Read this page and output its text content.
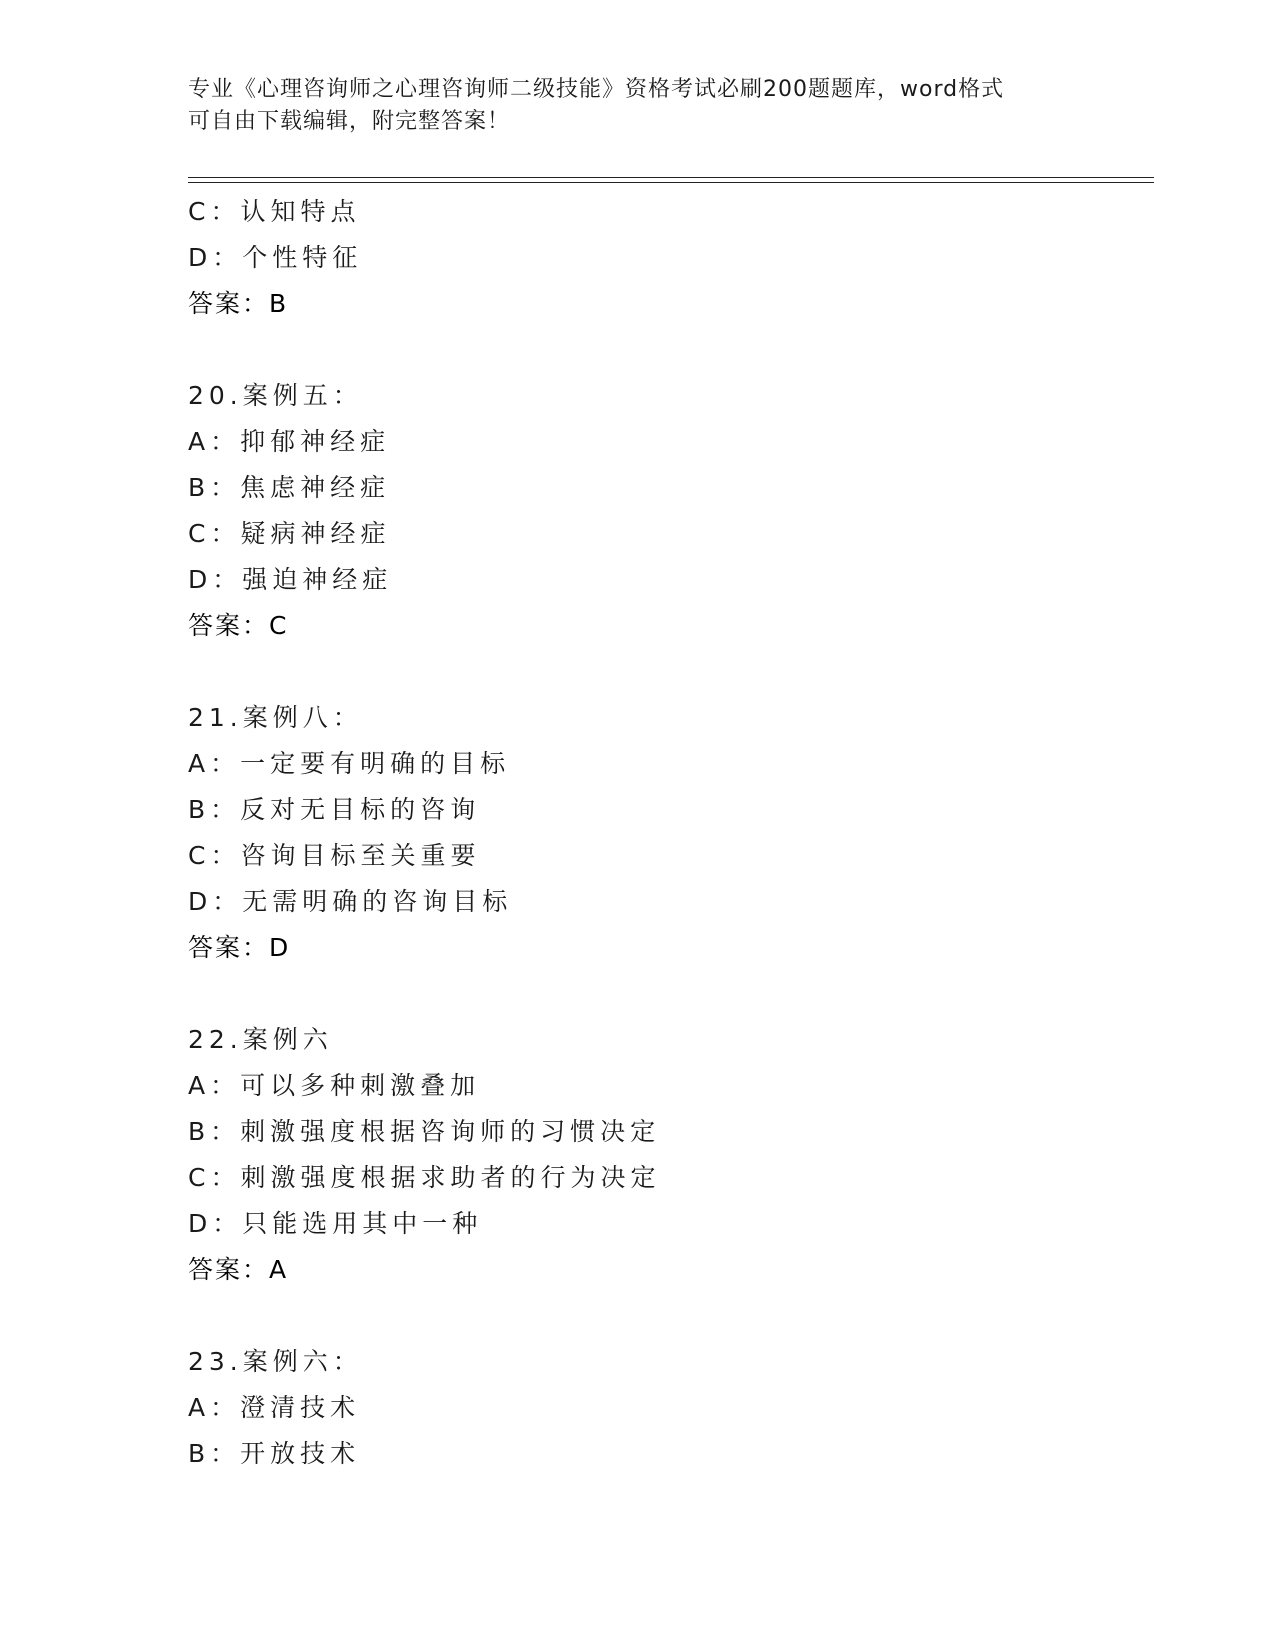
专业《心理咨询师之心理咨询师二级技能》资格考试必刷200题题库，word格式
可自由下载编辑，附完整答案！
C：认知特点
D：个性特征
答案：B
20.案例五：
A：抑郁神经症
B：焦虑神经症
C：疑病神经症
D：强迫神经症
答案：C
21.案例八：
A：一定要有明确的目标
B：反对无目标的咨询
C：咨询目标至关重要
D：无需明确的咨询目标
答案：D
22.案例六
A：可以多种刺激叠加
B：刺激强度根据咨询师的习惯决定
C：刺激强度根据求助者的行为决定
D：只能选用其中一种
答案：A
23.案例六：
A：澄清技术
B：开放技术
